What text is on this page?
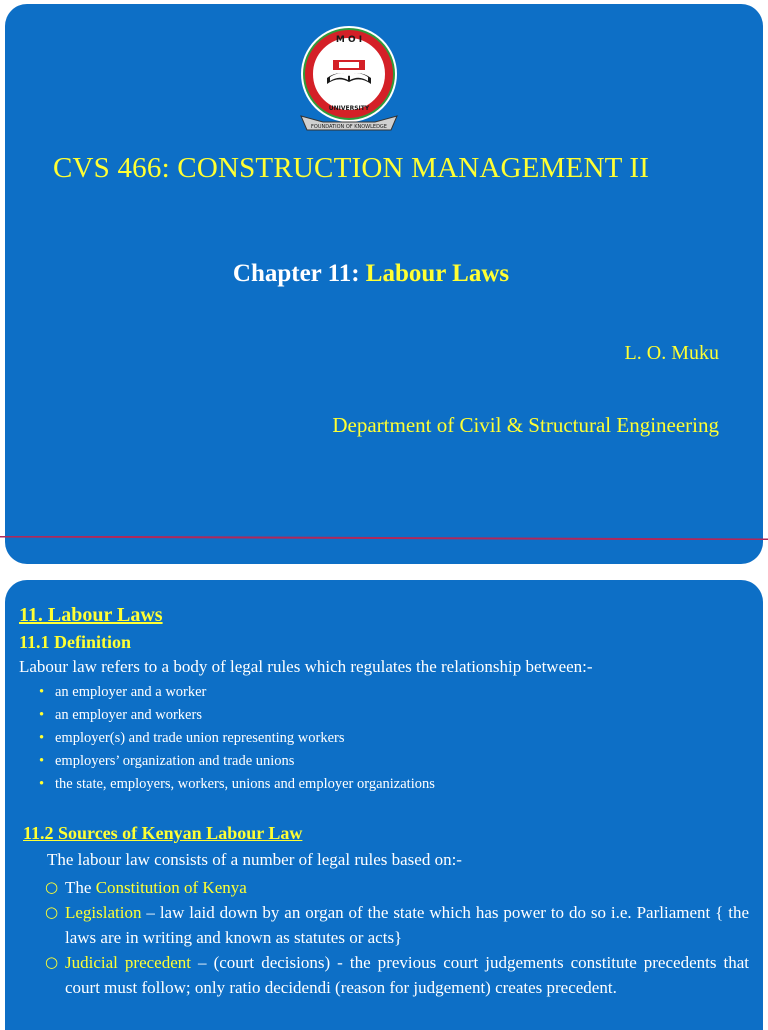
M O I
UNIVERSITY
FOUNDATION OF KNOWLEDGE
CVS 466: CONSTRUCTION MANAGEMENT II
Chapter 11: Labour Laws
L. O. Muku
Department of Civil & Structural Engineering
11. Labour Laws
11.1 Definition
Labour law refers to a body of legal rules which regulates the relationship between:-
• an employer and a worker
• an employer and workers
• employer(s) and trade union representing workers
• employers’ organization and trade unions
• the state, employers, workers, unions and employer organizations
11.2 Sources of Kenyan Labour Law
The labour law consists of a number of legal rules based on:-
○ The Constitution of Kenya
○ Legislation – law laid down by an organ of the state which has power to do so i.e. Parliament { the laws are in writing and known as statutes or acts}
○ Judicial precedent – (court decisions) - the previous court judgements constitute precedents that court must follow; only ratio decidendi (reason for judgement) creates precedent.
